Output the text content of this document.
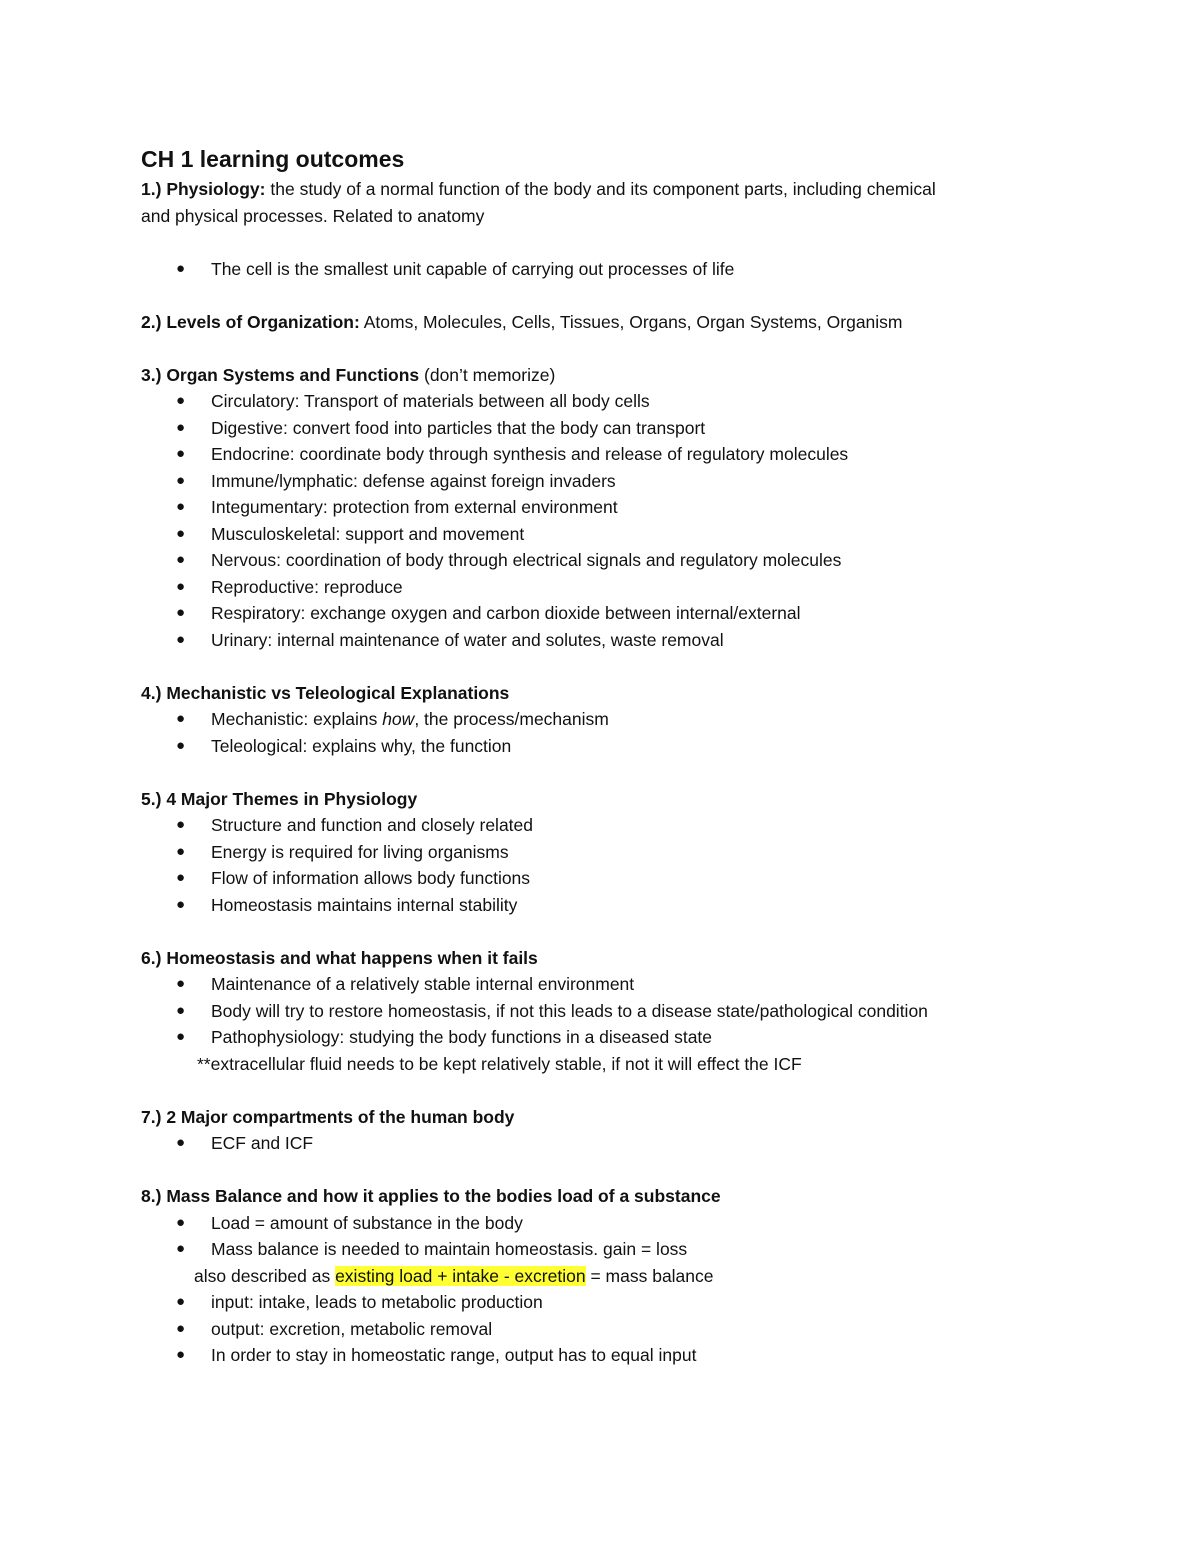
CH 1 learning outcomes

1.) Physiology: the study of a normal function of the body and its component parts, including chemical
and physical processes. Related to anatomy

● The cell is the smallest unit capable of carrying out processes of life

2.) Levels of Organization: Atoms, Molecules, Cells, Tissues, Organs, Organ Systems, Organism

3.) Organ Systems and Functions (don’t memorize)

● Circulatory: Transport of materials between all body cells
● Digestive: convert food into particles that the body can transport
● Endocrine: coordinate body through synthesis and release of regulatory molecules
● Immune/lymphatic: defense against foreign invaders
● Integumentary: protection from external environment
● Musculoskeletal: support and movement
● Nervous: coordination of body through electrical signals and regulatory molecules
● Reproductive: reproduce
● Respiratory: exchange oxygen and carbon dioxide between internal/external
● Urinary: internal maintenance of water and solutes, waste removal

4.) Mechanistic vs Teleological Explanations

● Mechanistic: explains how, the process/mechanism
● Teleological: explains why, the function

5.) 4 Major Themes in Physiology

● Structure and function and closely related
● Energy is required for living organisms
● Flow of information allows body functions
● Homeostasis maintains internal stability

6.) Homeostasis and what happens when it fails

● Maintenance of a relatively stable internal environment
● Body will try to restore homeostasis, if not this leads to a disease state/pathological condition
● Pathophysiology: studying the body functions in a diseased state

**extracellular fluid needs to be kept relatively stable, if not it will effect the ICF

7.) 2 Major compartments of the human body

● ECF and ICF

8.) Mass Balance and how it applies to the bodies load of a substance

● Load = amount of substance in the body
● Mass balance is needed to maintain homeostasis. gain = loss

also described as existing load + intake - excretion = mass balance

● input: intake, leads to metabolic production
● output: excretion, metabolic removal
● In order to stay in homeostatic range, output has to equal input
